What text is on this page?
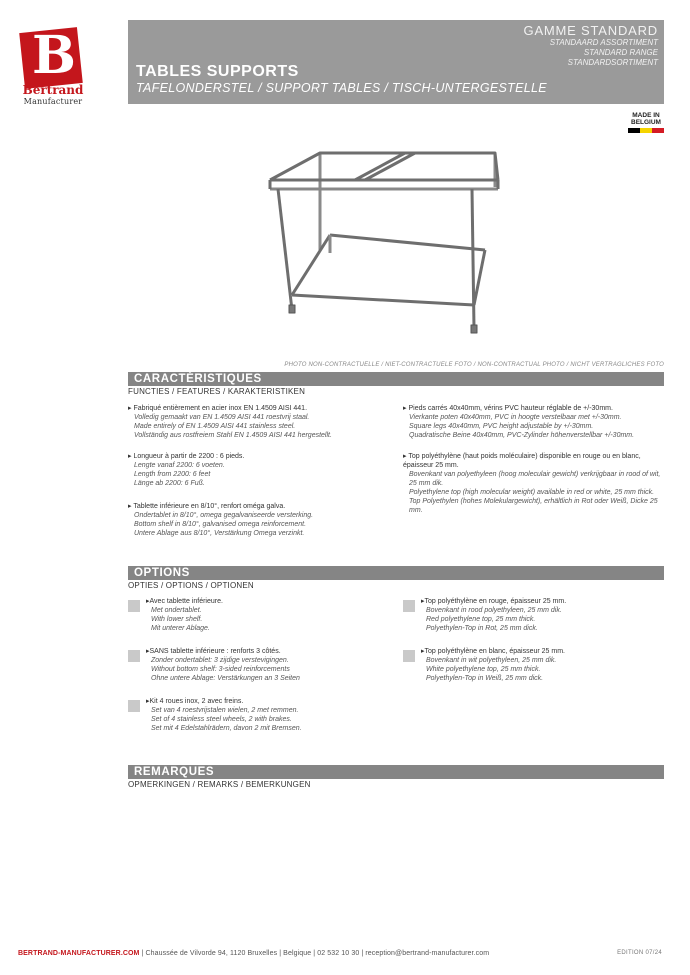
B
Bertrand
Manufacturer
GAMME STANDARD
STANDAARD ASSORTIMENT
STANDARD RANGE
STANDARDSORTIMENT
TABLES SUPPORTS
TAFELONDERSTEL / SUPPORT TABLES / TISCH-UNTERGESTELLE
MADE IN
BELGIUM
PHOTO NON-CONTRACTUELLE / NIET-CONTRACTUELE FOTO / NON-CONTRACTUAL PHOTO / NICHT VERTRAGLICHES FOTO
CARACTÉRISTIQUES
FUNCTIES / FEATURES / KARAKTERISTIKEN
▸ Fabriqué entièrement en acier inox EN 1.4509 AISI 441.
Volledig gemaakt van EN 1.4509 AISI 441 roestvrij staal.
Made entirely of EN 1.4509 AISI 441 stainless steel.
Vollständig aus rostfreiem Stahl EN 1.4509 AISI 441 hergestellt.
▸ Longueur à partir de 2200 : 6 pieds.
Lengte vanaf 2200: 6 voeten.
Length from 2200: 6 feet
Länge ab 2200: 6 Fuß.
▸ Tablette inférieure en 8/10°, renfort oméga galva.
Ondertablet in 8/10°, omega gegalvaniseerde versterking.
Bottom shelf in 8/10°, galvanised omega reinforcement.
Untere Ablage aus 8/10°, Verstärkung Omega verzinkt.
▸ Pieds carrés 40x40mm, vérins PVC hauteur réglable de +/-30mm.
Vierkante poten 40x40mm, PVC in hoogte verstelbaar met +/-30mm.
Square legs 40x40mm, PVC height adjustable by +/-30mm.
Quadratische Beine 40x40mm, PVC-Zylinder höhenverstellbar +/-30mm.
▸ Top polyéthylène (haut poids moléculaire) disponible en rouge ou en blanc, épaisseur 25 mm.
Bovenkant van polyethyleen (hoog moleculair gewicht) verkrijgbaar in rood of wit, 25 mm dik.
Polyethylene top (high molecular weight) available in red or white, 25 mm thick.
Top Polyethylen (hohes Molekulargewicht), erhältlich in Rot oder Weiß, Dicke 25 mm.
OPTIONS
OPTIES / OPTIONS / OPTIONEN
▸ Avec tablette inférieure.
Met ondertablet.
With lower shelf.
Mit unterer Ablage.
▸ SANS tablette inférieure : renforts 3 côtés.
Zonder ondertablet: 3 zijdige verstevigingen.
Without bottom shelf: 3-sided reinforcements
Ohne untere Ablage: Verstärkungen an 3 Seiten
▸ Kit 4 roues inox, 2 avec freins.
Set van 4 roestvrijstalen wielen, 2 met remmen.
Set of 4 stainless steel wheels, 2 with brakes.
Set mit 4 Edelstahlrädern, davon 2 mit Bremsen.
▸ Top polyéthylène en rouge, épaisseur 25 mm.
Bovenkant in rood polyethyleen, 25 mm dik.
Red polyethylene top, 25 mm thick.
Polyethylen-Top in Rot, 25 mm dick.
▸ Top polyéthylène en blanc, épaisseur 25 mm.
Bovenkant in wit polyethyleen, 25 mm dik.
White polyethylene top, 25 mm thick.
Polyethylen-Top in Weiß, 25 mm dick.
REMARQUES
OPMERKINGEN / REMARKS / BEMERKUNGEN
BERTRAND-MANUFACTURER.COM | Chaussée de Vilvorde 94, 1120 Bruxelles | Belgique | 02 532 10 30 | reception@bertrand-manufacturer.com	EDITION 07/24
